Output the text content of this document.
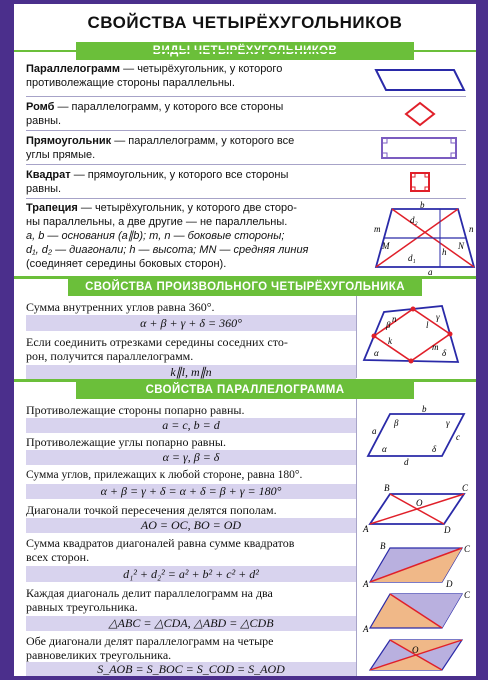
СВОЙСТВА ЧЕТЫРЁХУГОЛЬНИКОВ
Параллелограмм — четырёхугольник, у которого
противолежащие стороны параллельны.
Ромб — параллелограмм, у которого все стороны
равны.
Прямоугольник — параллелограмм, у которого все
углы прямые.
Квадрат — прямоугольник, у которого все стороны
равны.
Трапеция — четырёхугольник, у которого две сторо-
ны параллельны, а две другие — не параллельны.
a, b — основания (a∥b); m, n — боковые стороны;
d₁, d₂ — диагонали; h — высота; MN — средняя линия
(соединяет середины боковых сторон).
b
a
d₂
d₁
m	n
M	N
h
СВОЙСТВА ПРОИЗВОЛЬНОГО ЧЕТЫРЁХУГОЛЬНИКА
Сумма внутренних углов равна 360°.
α + β + γ + δ = 360°
Если соединить отрезками середины соседних сто-
рон, получится параллелограмм.
k∥l, m∥n
β
γ
α	δ
k
l
n
m
СВОЙСТВА ПАРАЛЛЕЛОГРАММА
Противолежащие стороны попарно равны.
a = c, b = d
Противолежащие углы попарно равны.
α = γ, β = δ
Сумма углов, прилежащих к любой стороне, равна 180°.
α + β = γ + δ = α + δ = β + γ = 180°
Диагонали точкой пересечения делятся пополам.
AO = OC, BO = OD
Сумма квадратов диагоналей равна сумме квадратов
всех сторон.
d₁² + d₂² = a² + b² + c² + d²
Каждая диагональ делит параллелограмм на два
равных треугольника.
△ABC = △CDA, △ABD = △CDB
Обе диагонали делят параллелограмм на четыре
равновеликих треугольника.
S_AOB = S_BOC = S_COD = S_AOD
a
b
c
d
α
β	γ
δ
A
B	C
D
O
A
B	C
D
A
C
O
